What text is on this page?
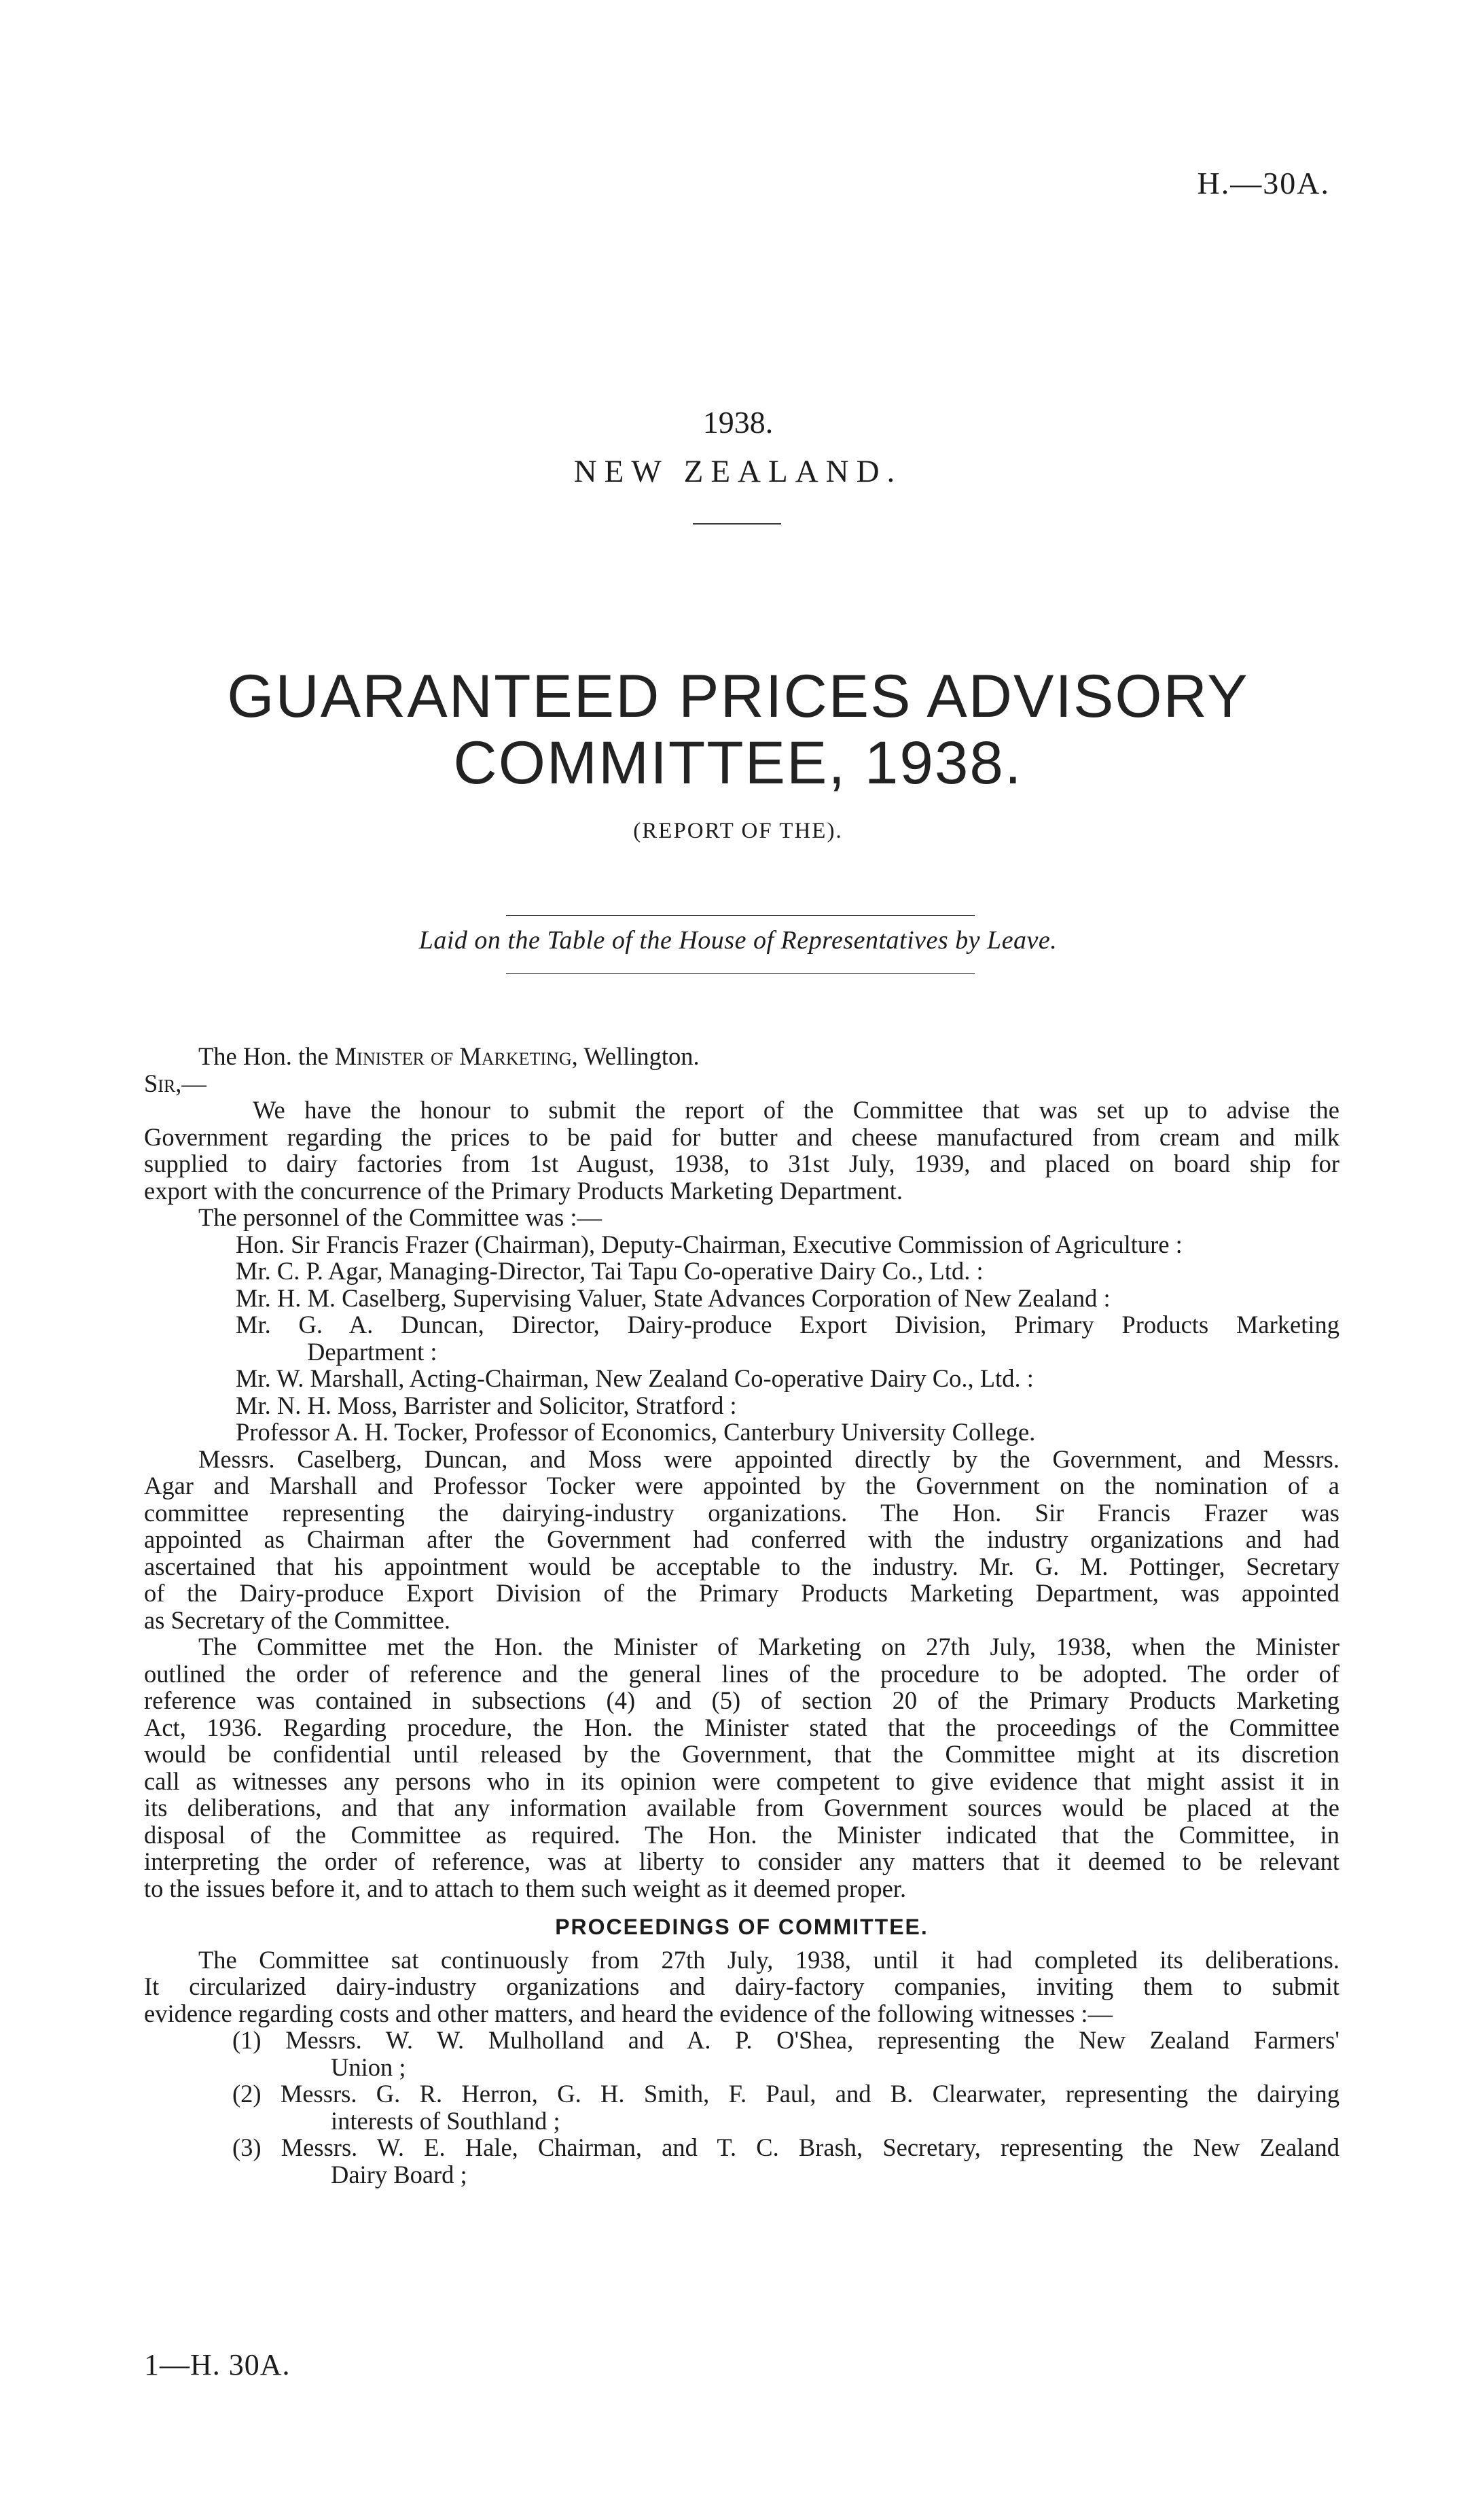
H.—30A.
1938.
NEW ZEALAND.
GUARANTEED PRICES ADVISORY
COMMITTEE, 1938.
(REPORT OF THE).
Laid on the Table of the House of Representatives by Leave.

The Hon. the Minister of Marketing, Wellington.

Sir,—

We have the honour to submit the report of the Committee that was set up to advise the

Government regarding the prices to be paid for butter and cheese manufactured from cream and milk

supplied to dairy factories from 1st August, 1938, to 31st July, 1939, and placed on board ship for

export with the concurrence of the Primary Products Marketing Department.

The personnel of the Committee was :—

Hon. Sir Francis Frazer (Chairman), Deputy-Chairman, Executive Commission of Agriculture :

Mr. C. P. Agar, Managing-Director, Tai Tapu Co-operative Dairy Co., Ltd. :

Mr. H. M. Caselberg, Supervising Valuer, State Advances Corporation of New Zealand :

Mr. G. A. Duncan, Director, Dairy-produce Export Division, Primary Products Marketing

Department :

Mr. W. Marshall, Acting-Chairman, New Zealand Co-operative Dairy Co., Ltd. :

Mr. N. H. Moss, Barrister and Solicitor, Stratford :

Professor A. H. Tocker, Professor of Economics, Canterbury University College.

Messrs. Caselberg, Duncan, and Moss were appointed directly by the Government, and Messrs.

Agar and Marshall and Professor Tocker were appointed by the Government on the nomination of a

committee representing the dairying-industry organizations. The Hon. Sir Francis Frazer was

appointed as Chairman after the Government had conferred with the industry organizations and had

ascertained that his appointment would be acceptable to the industry. Mr. G. M. Pottinger, Secretary

of the Dairy-produce Export Division of the Primary Products Marketing Department, was appointed

as Secretary of the Committee.

The Committee met the Hon. the Minister of Marketing on 27th July, 1938, when the Minister

outlined the order of reference and the general lines of the procedure to be adopted. The order of

reference was contained in subsections (4) and (5) of section 20 of the Primary Products Marketing

Act, 1936. Regarding procedure, the Hon. the Minister stated that the proceedings of the Committee

would be confidential until released by the Government, that the Committee might at its discretion

call as witnesses any persons who in its opinion were competent to give evidence that might assist it in

its deliberations, and that any information available from Government sources would be placed at the

disposal of the Committee as required. The Hon. the Minister indicated that the Committee, in

interpreting the order of reference, was at liberty to consider any matters that it deemed to be relevant

to the issues before it, and to attach to them such weight as it deemed proper.

PROCEEDINGS OF COMMITTEE.

The Committee sat continuously from 27th July, 1938, until it had completed its deliberations.

It circularized dairy-industry organizations and dairy-factory companies, inviting them to submit

evidence regarding costs and other matters, and heard the evidence of the following witnesses :—

(1) Messrs. W. W. Mulholland and A. P. O'Shea, representing the New Zealand Farmers'

Union ;

(2) Messrs. G. R. Herron, G. H. Smith, F. Paul, and B. Clearwater, representing the dairying

interests of Southland ;

(3) Messrs. W. E. Hale, Chairman, and T. C. Brash, Secretary, representing the New Zealand

Dairy Board ;

1—H. 30A.
